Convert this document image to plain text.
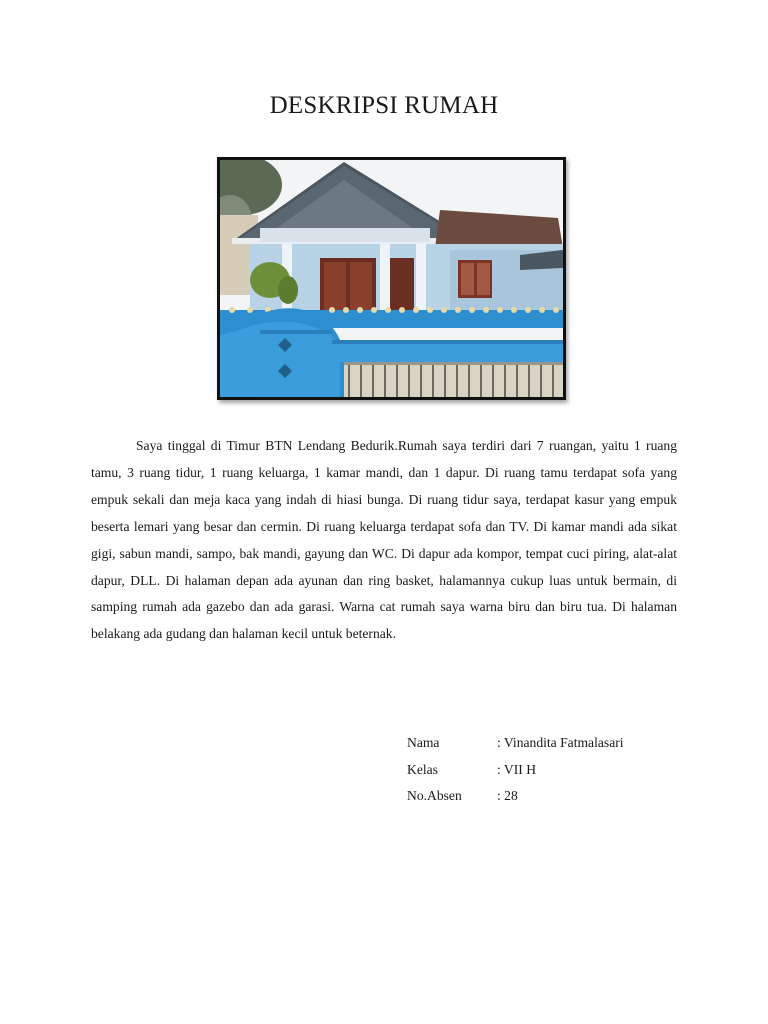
DESKRIPSI RUMAH

Saya tinggal di Timur BTN Lendang Bedurik.Rumah saya terdiri dari 7 ruangan, yaitu 1 ruang tamu, 3 ruang tidur, 1 ruang keluarga, 1 kamar mandi, dan 1 dapur. Di ruang tamu terdapat sofa yang empuk sekali dan meja kaca yang indah di hiasi bunga. Di ruang tidur saya, terdapat kasur yang empuk beserta lemari yang besar dan cermin. Di ruang keluarga terdapat sofa dan TV. Di kamar mandi ada sikat gigi, sabun mandi, sampo, bak mandi, gayung dan WC. Di dapur ada kompor, tempat cuci piring, alat-alat dapur, DLL. Di halaman depan ada ayunan dan ring basket, halamannya cukup luas untuk bermain, di samping rumah ada gazebo dan ada garasi. Warna cat rumah saya warna biru dan biru tua. Di halaman belakang ada gudang dan halaman kecil untuk beternak.

Nama	: Vinandita Fatmalasari
Kelas	: VII H
No.Absen	: 28
